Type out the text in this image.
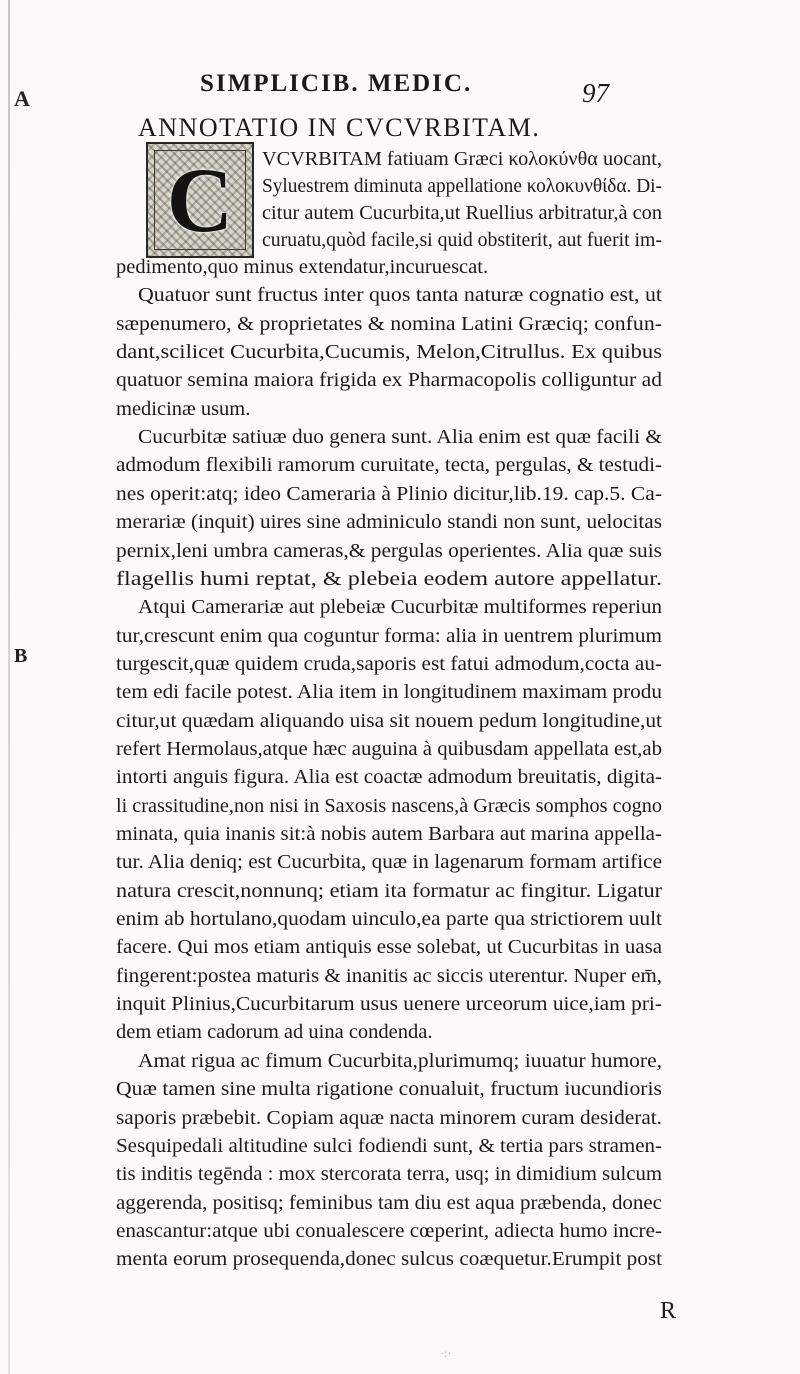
A
B
SIMPLICIB. MEDIC.	97
ANNOTATIO IN CVCVRBITAM.
C	VCVRBITAM fatiuam Græci κολοκύνθα uocant,
Syluestrem diminuta appellatione κολοκυνθίδα. Di-
citur autem Cucurbita,ut Ruellius arbitratur,à con
curuatu,quòd facile,si quid obstiterit, aut fuerit im-
pedimento,quo minus extendatur,incuruescat.
Quatuor sunt fructus inter quos tanta naturæ cognatio est, ut
sæpenumero, & proprietates & nomina Latini Græciq; confun-
dant,scilicet Cucurbita,Cucumis, Melon,Citrullus. Ex quibus
quatuor semina maiora frigida ex Pharmacopolis colliguntur ad
medicinæ usum.
Cucurbitæ satiuæ duo genera sunt. Alia enim est quæ facili &
admodum flexibili ramorum curuitate, tecta, pergulas, & testudi-
nes operit:atq; ideo Cameraria à Plinio dicitur,lib.19. cap.5. Ca-
merariæ (inquit) uires sine adminiculo standi non sunt, uelocitas
pernix,leni umbra cameras,& pergulas operientes. Alia quæ suis
flagellis humi reptat, & plebeia eodem autore appellatur.
Atqui Camerariæ aut plebeiæ Cucurbitæ multiformes reperiun
tur,crescunt enim qua coguntur forma: alia in uentrem plurimum
turgescit,quæ quidem cruda,saporis est fatui admodum,cocta au-
tem edi facile potest. Alia item in longitudinem maximam produ
citur,ut quædam aliquando uisa sit nouem pedum longitudine,ut
refert Hermolaus,atque hæc auguina à quibusdam appellata est,ab
intorti anguis figura. Alia est coactæ admodum breuitatis, digita-
li crassitudine,non nisi in Saxosis nascens,à Græcis somphos cogno
minata, quia inanis sit:à nobis autem Barbara aut marina appella-
tur. Alia deniq; est Cucurbita, quæ in lagenarum formam artifice
natura crescit,nonnunq; etiam ita formatur ac fingitur. Ligatur
enim ab hortulano,quodam uinculo,ea parte qua strictiorem uult
facere. Qui mos etiam antiquis esse solebat, ut Cucurbitas in uasa
fingerent:postea maturis & inanitis ac siccis uterentur. Nuper em̄,
inquit Plinius,Cucurbitarum usus uenere urceorum uice,iam pri-
dem etiam cadorum ad uina condenda.
Amat rigua ac fimum Cucurbita,plurimumq; iuuatur humore,
Quæ tamen sine multa rigatione conualuit, fructum iucundioris
saporis præbebit. Copiam aquæ nacta minorem curam desiderat.
Sesquipedali altitudine sulci fodiendi sunt, & tertia pars stramen-
tis inditis tegēnda : mox stercorata terra, usq; in dimidium sulcum
aggerenda, positisq; feminibus tam diu est aqua præbenda, donec
enascantur:atque ubi conualescere cœperint, adiecta humo incre-
menta eorum prosequenda,donec sulcus coæquetur.Erumpit post
R
·:·
